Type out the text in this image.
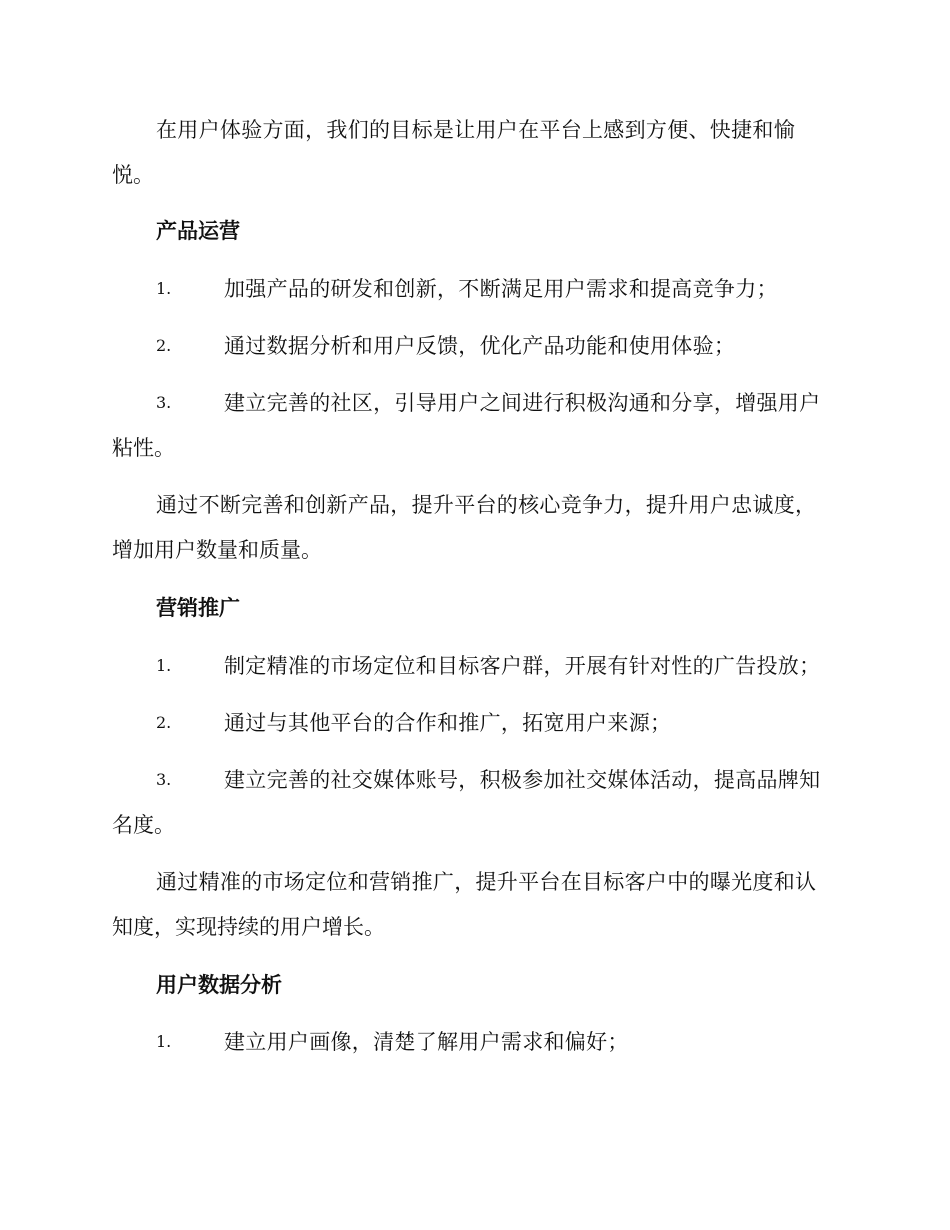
在用户体验方面，我们的目标是让用户在平台上感到方便、快捷和愉
悦。
产品运营
1.	加强产品的研发和创新，不断满足用户需求和提高竞争力；
2.	通过数据分析和用户反馈，优化产品功能和使用体验；
3.	建立完善的社区，引导用户之间进行积极沟通和分享，增强用户
粘性。
通过不断完善和创新产品，提升平台的核心竞争力，提升用户忠诚度，
增加用户数量和质量。
营销推广
1.	制定精准的市场定位和目标客户群，开展有针对性的广告投放；
2.	通过与其他平台的合作和推广，拓宽用户来源；
3.	建立完善的社交媒体账号，积极参加社交媒体活动，提高品牌知
名度。
通过精准的市场定位和营销推广，提升平台在目标客户中的曝光度和认
知度，实现持续的用户增长。
用户数据分析
1.	建立用户画像，清楚了解用户需求和偏好；
